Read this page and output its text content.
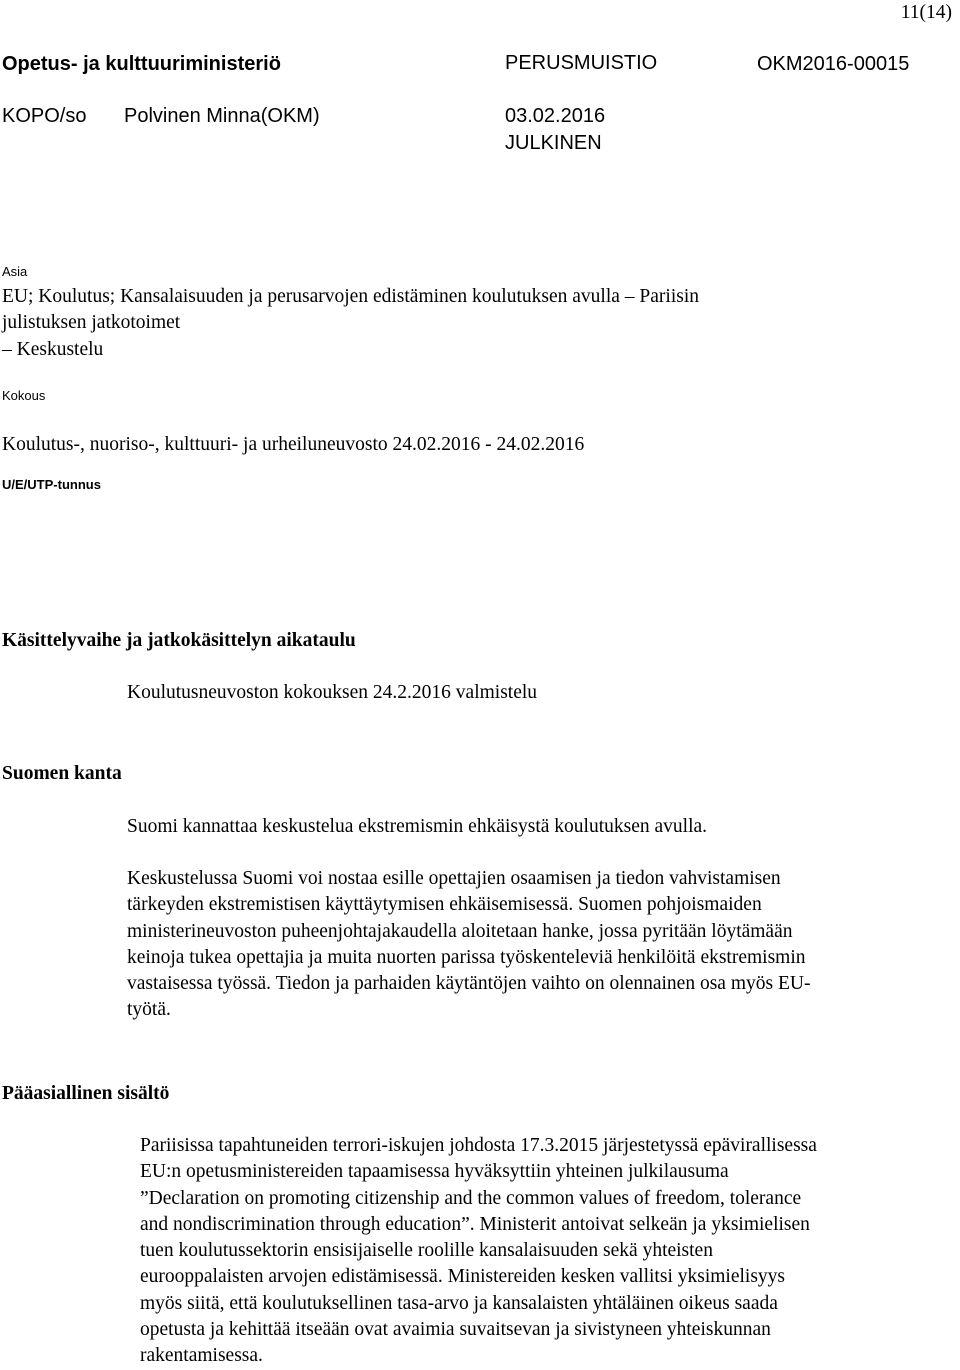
11(14)
Opetus- ja kulttuuriministeriö	PERUSMUISTIO	OKM2016-00015
KOPO/so Polvinen Minna(OKM)	03.02.2016
JULKINEN
Asia
EU; Koulutus; Kansalaisuuden ja perusarvojen edistäminen koulutuksen avulla – Pariisin
julistuksen jatkotoimet
– Keskustelu
Kokous
Koulutus-, nuoriso-, kulttuuri- ja urheiluneuvosto 24.02.2016 - 24.02.2016
U/E/UTP-tunnus
Käsittelyvaihe ja jatkokäsittelyn aikataulu
Koulutusneuvoston kokouksen 24.2.2016 valmistelu
Suomen kanta
Suomi kannattaa keskustelua ekstremismin ehkäisystä koulutuksen avulla.
Keskustelussa Suomi voi nostaa esille opettajien osaamisen ja tiedon vahvistamisen
tärkeyden ekstremistisen käyttäytymisen ehkäisemisessä. Suomen pohjoismaiden
ministerineuvoston puheenjohtajakaudella aloitetaan hanke, jossa pyritään löytämään
keinoja tukea opettajia ja muita nuorten parissa työskenteleviä henkilöitä ekstremismin
vastaisessa työssä. Tiedon ja parhaiden käytäntöjen vaihto on olennainen osa myös EU-
työtä.
Pääasiallinen sisältö
Pariisissa tapahtuneiden terrori-iskujen johdosta 17.3.2015 järjestetyssä epävirallisessa
EU:n opetusministereiden tapaamisessa hyväksyttiin yhteinen julkilausuma
”Declaration on promoting citizenship and the common values of freedom, tolerance
and nondiscrimination through education”. Ministerit antoivat selkeän ja yksimielisen
tuen koulutussektorin ensisijaiselle roolille kansalaisuuden sekä yhteisten
eurooppalaisten arvojen edistämisessä. Ministereiden kesken vallitsi yksimielisyys
myös siitä, että koulutuksellinen tasa-arvo ja kansalaisten yhtäläinen oikeus saada
opetusta ja kehittää itseään ovat avaimia suvaitsevan ja sivistyneen yhteiskunnan
rakentamisessa.
